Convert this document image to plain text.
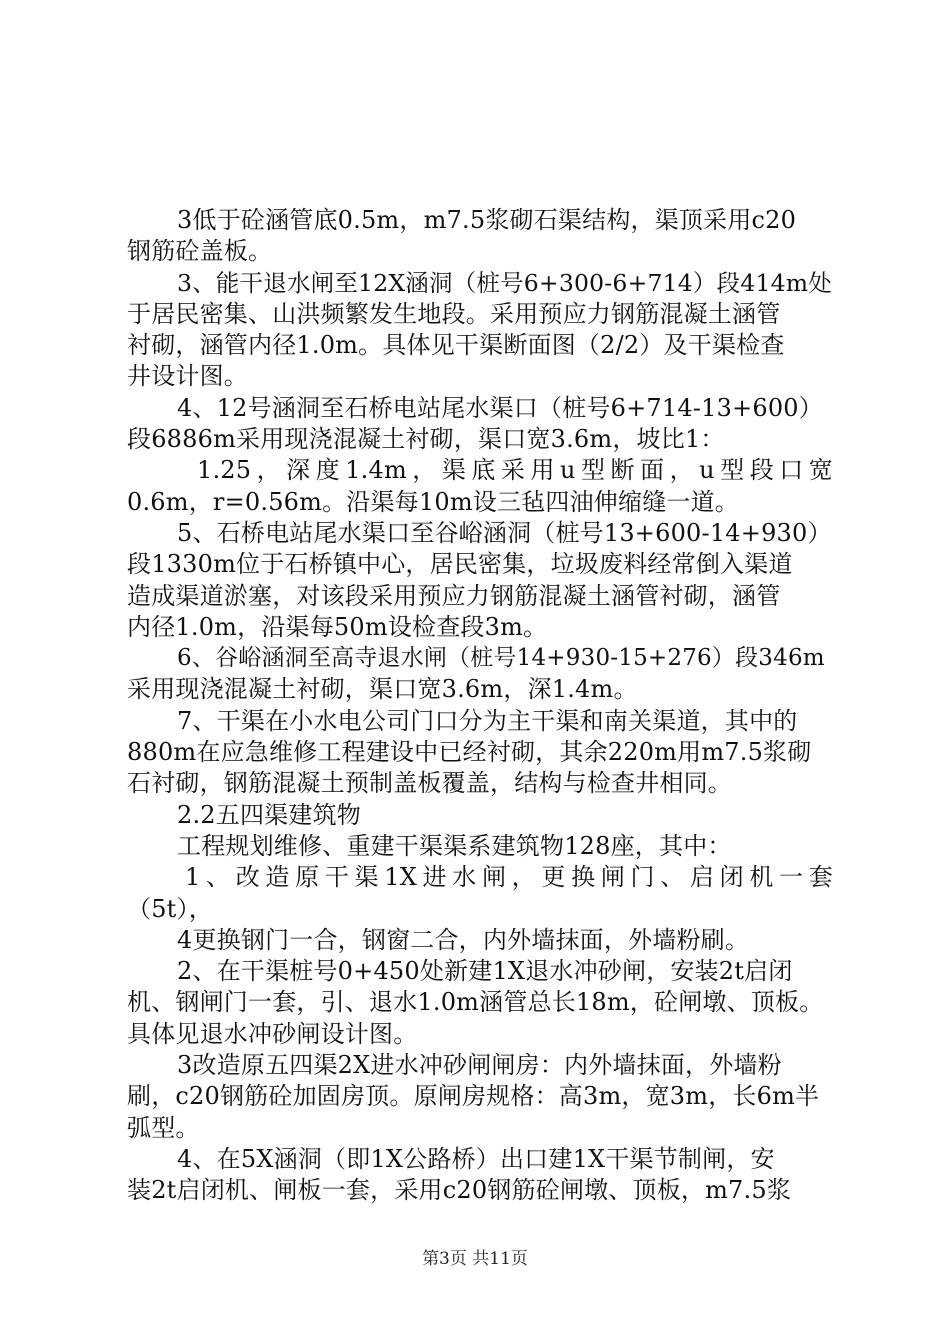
3低于砼涵管底0.5m，m7.5浆砌石渠结构，渠顶采用c20
钢筋砼盖板。
3、能干退水闸至12X涵洞（桩号6+300-6+714）段414m处
于居民密集、山洪频繁发生地段。采用预应力钢筋混凝土涵管
衬砌，涵管内径1.0m。具体见干渠断面图（2/2）及干渠检查
井设计图。
4、12号涵洞至石桥电站尾水渠口（桩号6+714-13+600）
段6886m采用现浇混凝土衬砌，渠口宽3.6m，坡比1：
1.25，深度1.4m，渠底采用u型断面，u型段口宽
0.6m，r=0.56m。沿渠每10m设三毡四油伸缩缝一道。
5、石桥电站尾水渠口至谷峪涵洞（桩号13+600-14+930）
段1330m位于石桥镇中心，居民密集，垃圾废料经常倒入渠道
造成渠道淤塞，对该段采用预应力钢筋混凝土涵管衬砌，涵管
内径1.0m，沿渠每50m设检查段3m。
6、谷峪涵洞至高寺退水闸（桩号14+930-15+276）段346m
采用现浇混凝土衬砌，渠口宽3.6m，深1.4m。
7、干渠在小水电公司门口分为主干渠和南关渠道，其中的
880m在应急维修工程建设中已经衬砌，其余220m用m7.5浆砌
石衬砌，钢筋混凝土预制盖板覆盖，结构与检查井相同。
2.2五四渠建筑物
工程规划维修、重建干渠渠系建筑物128座，其中：
1、改造原干渠1X进水闸，更换闸门、启闭机一套
（5t），
4更换钢门一合，钢窗二合，内外墙抹面，外墙粉刷。
2、在干渠桩号0+450处新建1X退水冲砂闸，安装2t启闭
机、钢闸门一套，引、退水1.0m涵管总长18m，砼闸墩、顶板。
具体见退水冲砂闸设计图。
3改造原五四渠2X进水冲砂闸闸房：内外墙抹面，外墙粉
刷，c20钢筋砼加固房顶。原闸房规格：高3m，宽3m，长6m半
弧型。
4、在5X涵洞（即1X公路桥）出口建1X干渠节制闸，安
装2t启闭机、闸板一套，采用c20钢筋砼闸墩、顶板，m7.5浆
第3页 共11页
